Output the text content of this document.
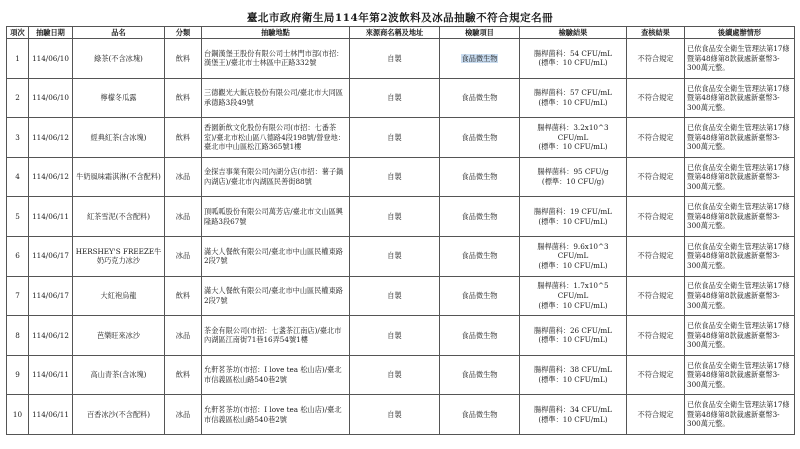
臺北市政府衛生局114年第2波飲料及冰品抽驗不符合規定名冊
項次	抽驗日期	品名	分類	抽驗地點	來源商名稱及地址	檢驗項目	檢驗結果	查核結果	後續處辦情形
1	114/06/10	綠茶(不含冰塊)	飲料	台鋼漢堡王股份有限公司士林門市部(市招：漢堡王)/臺北市士林區中正路332號	自製	食品微生物	腸桿菌科：54 CFU/mL
(標準：10 CFU/mL)	不符合規定	已依食品安全衛生管理法第17條暨第48條第8款裁處新臺幣3-300萬元整。
2	114/06/10	檸檬冬瓜露	飲料	三德觀光大飯店股份有限公司/臺北市大同區承德路3段49號	自製	食品微生物	腸桿菌科：57 CFU/mL
(標準：10 CFU/mL)	不符合規定	已依食品安全衛生管理法第17條暨第48條第8款裁處新臺幣3-300萬元整。
3	114/06/12	經典紅茶(含冰塊)	飲料	香園新飲文化股份有限公司(市招：七番茶室)/臺北市松山區八德路4段198號/營登地：臺北市中山區松江路365號1樓	自製	食品微生物	腸桿菌科：3.2x10^3 CFU/mL
(標準：10 CFU/mL)	不符合規定	已依食品安全衛生管理法第17條暨第48條第8款裁處新臺幣3-300萬元整。
4	114/06/12	牛奶風味霜淇淋(不含配料)	冰品	金探吉事業有限公司內湖分店(市招：薯子鍋內湖店)/臺北市內湖區民善街88號	自製	食品微生物	腸桿菌科：95 CFU/g
(標準：10 CFU/g)	不符合規定	已依食品安全衛生管理法第17條暨第48條第8款裁處新臺幣3-300萬元整。
5	114/06/11	紅茶雪泥(不含配料)	冰品	頂呱呱股份有限公司萬芳店/臺北市文山區興隆路3段67號	自製	食品微生物	腸桿菌科：19 CFU/mL
(標準：10 CFU/mL)	不符合規定	已依食品安全衛生管理法第17條暨第48條第8款裁處新臺幣3-300萬元整。
6	114/06/17	HERSHEY'S FREEZE牛奶巧克力冰沙	冰品	滿大人餐飲有限公司/臺北市中山區民權東路2段7號	自製	食品微生物	腸桿菌科：9.6x10^3 CFU/mL
(標準：10 CFU/mL)	不符合規定	已依食品安全衛生管理法第17條暨第48條第8款裁處新臺幣3-300萬元整。
7	114/06/17	大紅袍烏龍	飲料	滿大人餐飲有限公司/臺北市中山區民權東路2段7號	自製	食品微生物	腸桿菌科：1.7x10^5 CFU/mL
(標準：10 CFU/mL)	不符合規定	已依食品安全衛生管理法第17條暨第48條第8款裁處新臺幣3-300萬元整。
8	114/06/12	芭樂旺來冰沙	冰品	茶金有限公司(市招：七盞茶江南店)/臺北市內湖區江南街71巷16弄54號1樓	自製	食品微生物	腸桿菌科：26 CFU/mL
(標準：10 CFU/mL)	不符合規定	已依食品安全衛生管理法第17條暨第48條第8款裁處新臺幣3-300萬元整。
9	114/06/11	高山青茶(含冰塊)	飲料	允軒茗茶坊(市招：I love tea 松山店)/臺北市信義區松山路540巷2號	自製	食品微生物	腸桿菌科：38 CFU/mL
(標準：10 CFU/mL)	不符合規定	已依食品安全衛生管理法第17條暨第48條第8款裁處新臺幣3-300萬元整。
10	114/06/11	百香冰沙(不含配料)	冰品	允軒茗茶坊(市招：I love tea 松山店)/臺北市信義區松山路540巷2號	自製	食品微生物	腸桿菌科：34 CFU/mL
(標準：10 CFU/mL)	不符合規定	已依食品安全衛生管理法第17條暨第48條第8款裁處新臺幣3-300萬元整。
